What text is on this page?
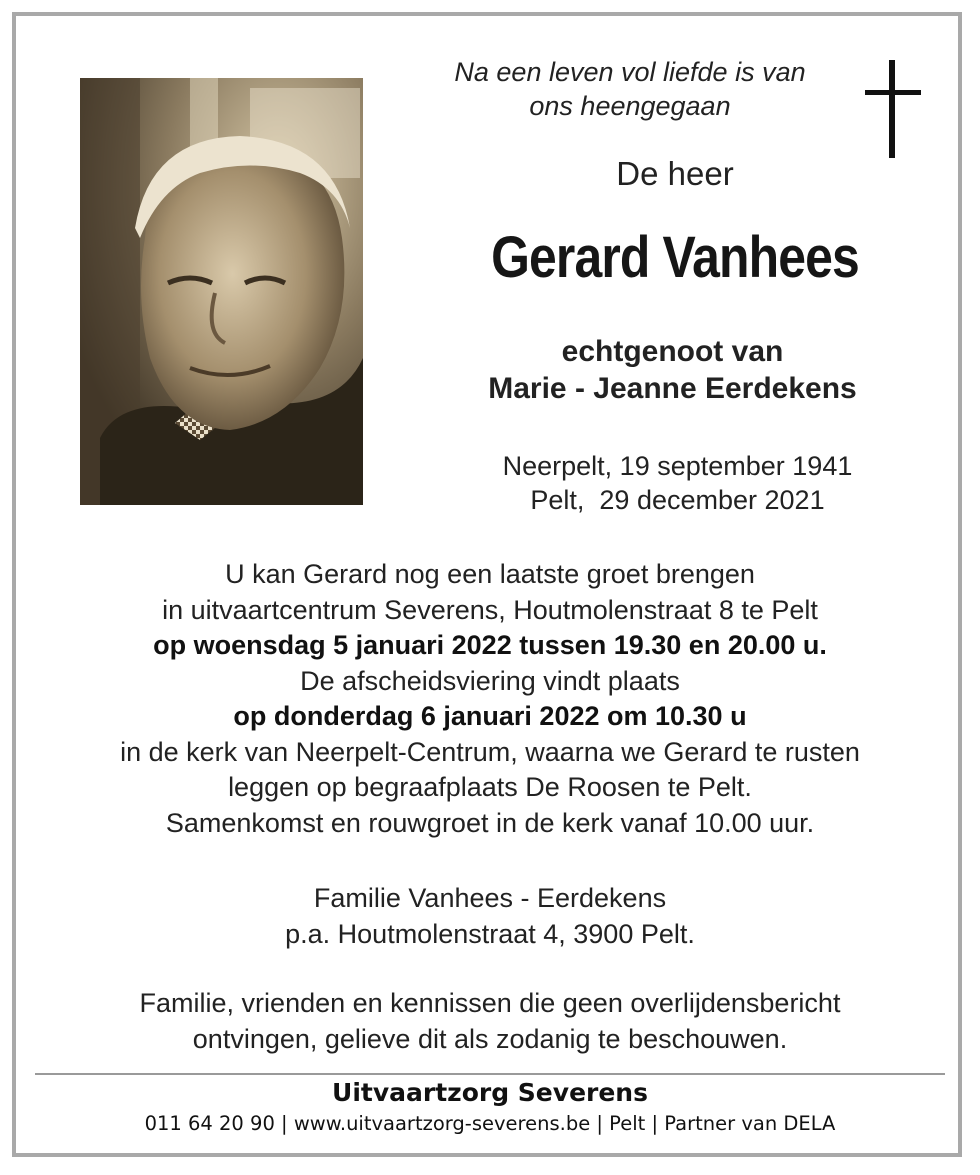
Na een leven vol liefde is van
ons heengegaan
De heer
Gerard Vanhees
echtgenoot van
Marie - Jeanne Eerdekens
Neerpelt, 19 september 1941
Pelt,  29 december 2021
U kan Gerard nog een laatste groet brengen
in uitvaartcentrum Severens, Houtmolenstraat 8 te Pelt
op woensdag 5 januari 2022 tussen 19.30 en 20.00 u.
De afscheidsviering vindt plaats
op donderdag 6 januari 2022 om 10.30 u
in de kerk van Neerpelt-Centrum, waarna we Gerard te rusten
leggen op begraafplaats De Roosen te Pelt.
Samenkomst en rouwgroet in de kerk vanaf 10.00 uur.
Familie Vanhees - Eerdekens
p.a. Houtmolenstraat 4, 3900 Pelt.
Familie, vrienden en kennissen die geen overlijdensbericht
ontvingen, gelieve dit als zodanig te beschouwen.
Uitvaartzorg Severens
011 64 20 90 | www.uitvaartzorg-severens.be | Pelt | Partner van DELA
